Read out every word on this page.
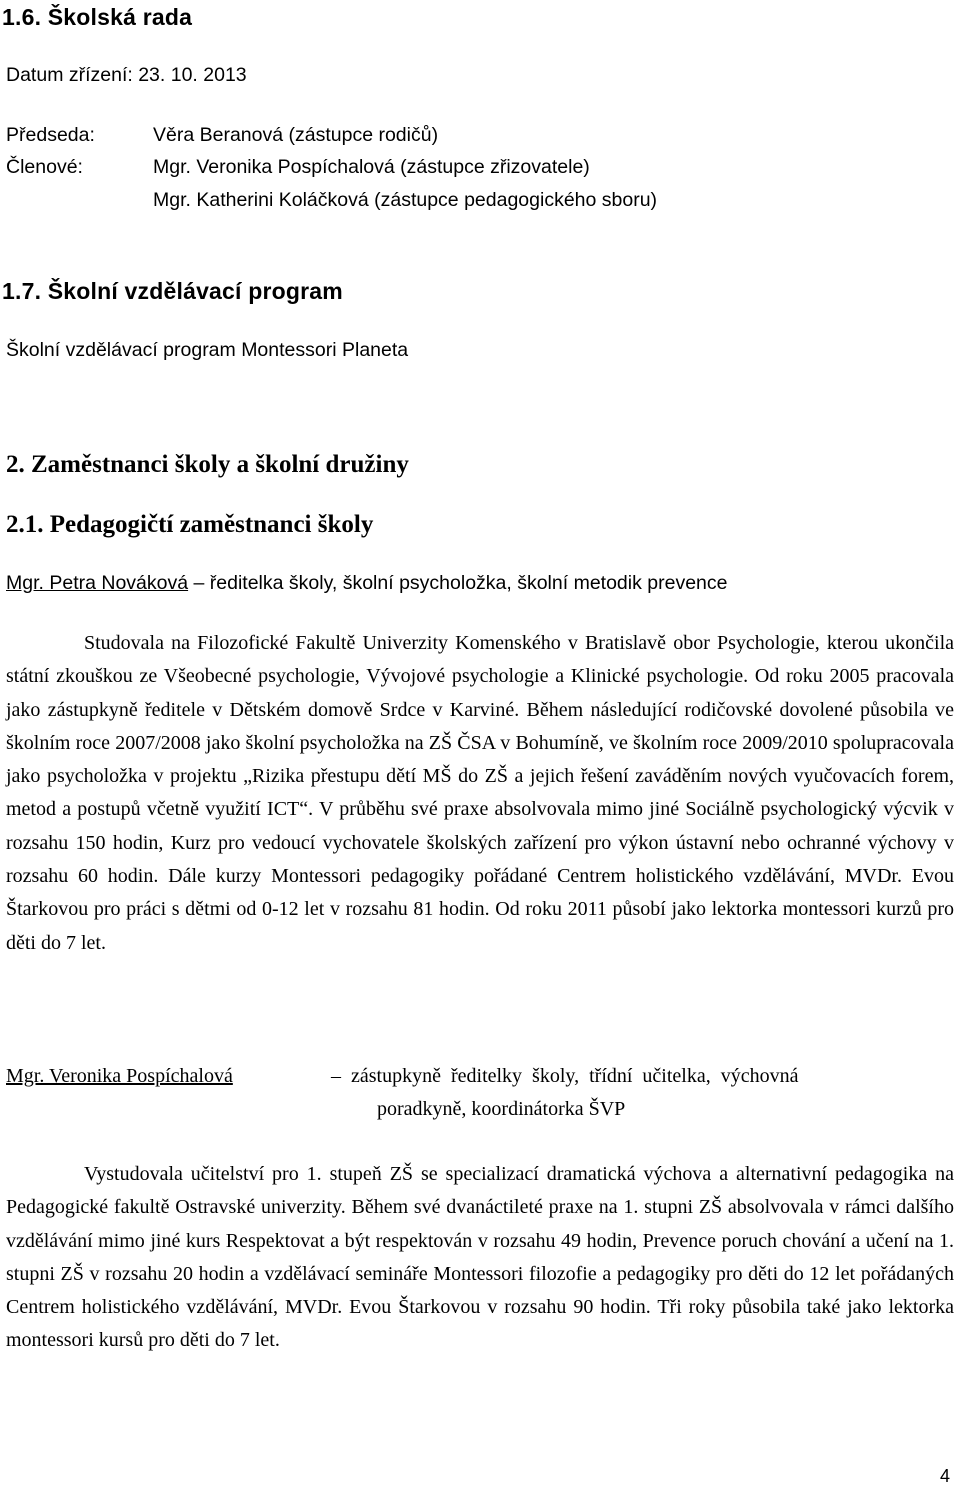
1.6. Školská rada
Datum zřízení: 23. 10. 2013
Předseda:	Věra Beranová (zástupce rodičů)
Členové:	Mgr. Veronika Pospíchalová (zástupce zřizovatele)
Mgr. Katherini Koláčková (zástupce pedagogického sboru)
1.7. Školní vzdělávací program
Školní vzdělávací program Montessori Planeta
2. Zaměstnanci školy a školní družiny
2.1. Pedagogičtí zaměstnanci školy
Mgr. Petra Nováková – ředitelka školy, školní psycholožka, školní metodik prevence
Studovala na Filozofické Fakultě Univerzity Komenského v Bratislavě obor Psychologie, kterou ukončila státní zkouškou ze Všeobecné psychologie, Vývojové psychologie a Klinické psychologie. Od roku 2005 pracovala jako zástupkyně ředitele v Dětském domově Srdce v Karviné. Během následující rodičovské dovolené působila ve školním roce 2007/2008 jako školní psycholožka na ZŠ ČSA v Bohumíně, ve školním roce 2009/2010 spolupracovala jako psycholožka v projektu „Rizika přestupu dětí MŠ do ZŠ a jejich řešení zaváděním nových vyučovacích forem, metod a postupů včetně využití ICT“. V průběhu své praxe absolvovala mimo jiné Sociálně psychologický výcvik v rozsahu 150 hodin, Kurz pro vedoucí vychovatele školských zařízení pro výkon ústavní nebo ochranné výchovy v rozsahu 60 hodin. Dále kurzy Montessori pedagogiky pořádané Centrem holistického vzdělávání, MVDr. Evou Štarkovou pro práci s dětmi od 0-12 let v rozsahu 81 hodin. Od roku 2011 působí jako lektorka montessori kurzů pro děti do 7 let.
Mgr. Veronika Pospíchalová	– zástupkyně ředitelky školy, třídní učitelka, výchovná
poradkyně, koordinátorka ŠVP
Vystudovala učitelství pro 1. stupeň ZŠ se specializací dramatická výchova a alternativní pedagogika na Pedagogické fakultě Ostravské univerzity. Během své dvanáctileté praxe na 1. stupni ZŠ absolvovala v rámci dalšího vzdělávání mimo jiné kurs Respektovat a být respektován v rozsahu 49 hodin, Prevence poruch chování a učení na 1. stupni ZŠ v rozsahu 20 hodin a vzdělávací semináře Montessori filozofie a pedagogiky pro děti do 12 let pořádaných Centrem holistického vzdělávání, MVDr. Evou Štarkovou v rozsahu 90 hodin. Tři roky působila také jako lektorka montessori kursů pro děti do 7 let.
4
